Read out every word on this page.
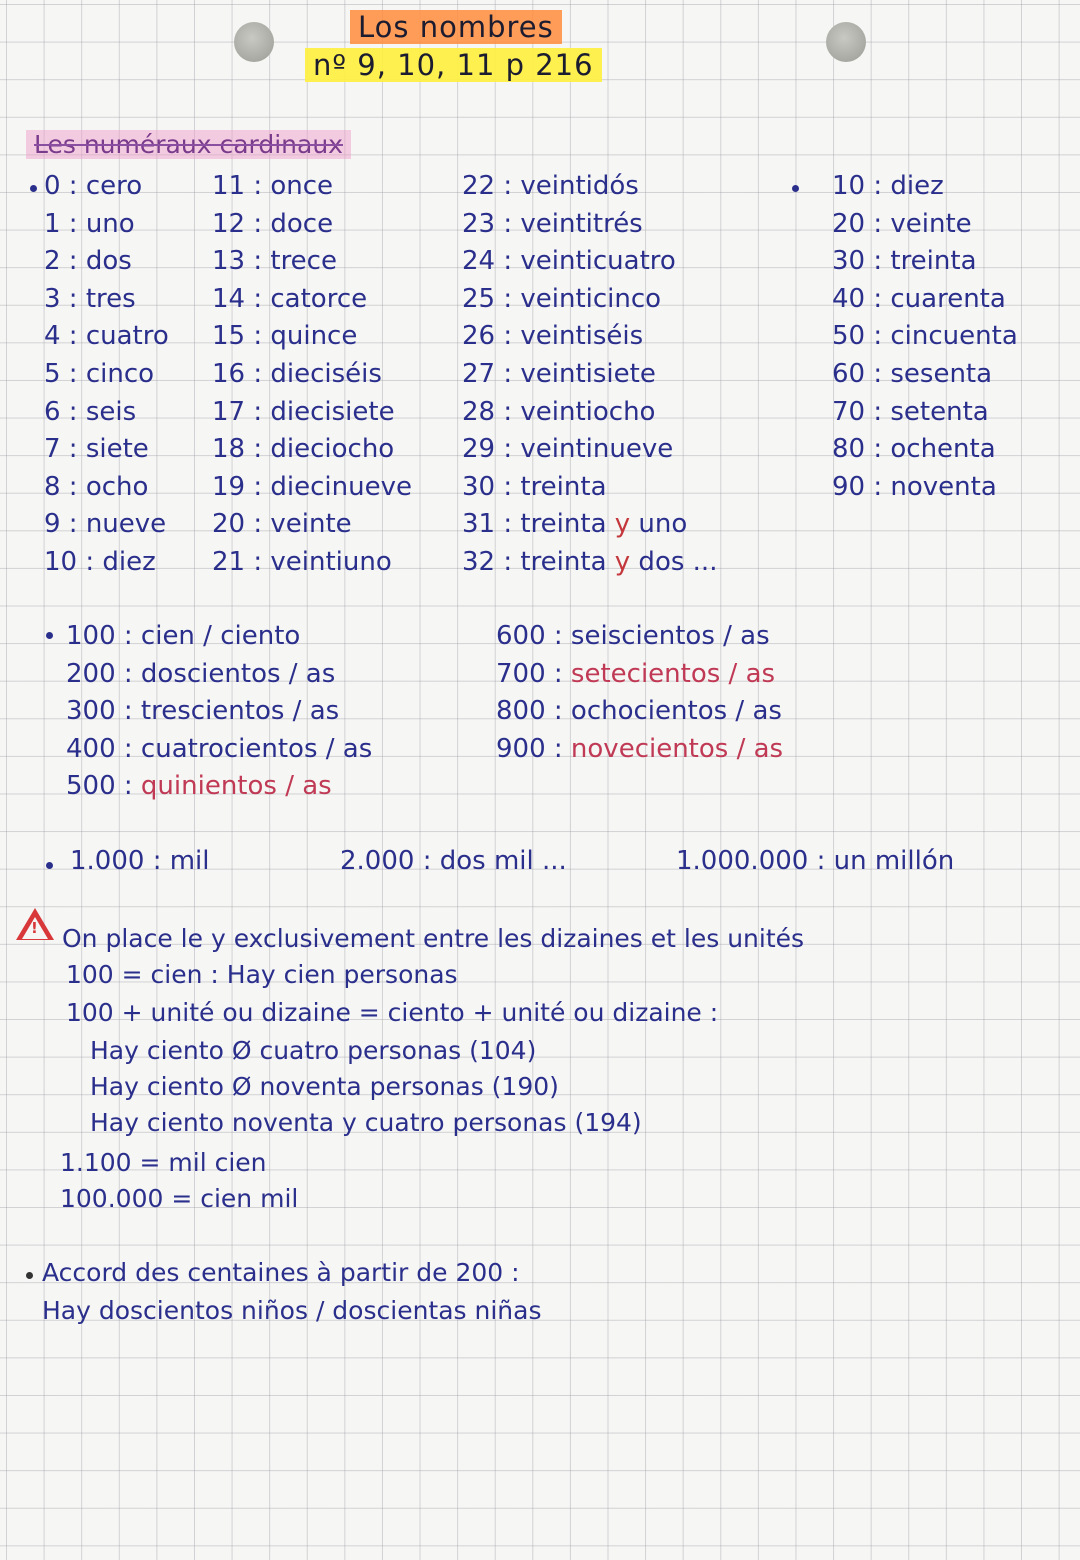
Los nombres
nº 9, 10, 11 p 216
Les numéraux cardinaux
0 : cero
1 : uno
2 : dos
3 : tres
4 : cuatro
5 : cinco
6 : seis
7 : siete
8 : ocho
9 : nueve
10 : diez
11 : once
12 : doce
13 : trece
14 : catorce
15 : quince
16 : dieciséis
17 : diecisiete
18 : dieciocho
19 : diecinueve
20 : veinte
21 : veintiuno
22 : veintidós
23 : veintitrés
24 : veinticuatro
25 : veinticinco
26 : veintiséis
27 : veintisiete
28 : veintiocho
29 : veintinueve
30 : treinta
31 : treinta y uno
32 : treinta y dos ...
10 : diez
20 : veinte
30 : treinta
40 : cuarenta
50 : cincuenta
60 : sesenta
70 : setenta
80 : ochenta
90 : noventa
100 : cien / ciento
200 : doscientos / as
300 : trescientos / as
400 : cuatrocientos / as
500 : quinientos / as
600 : seiscientos / as
700 : setecientos / as
800 : ochocientos / as
900 : novecientos / as
1.000 : mil	2.000 : dos mil ...	1.000.000 : un millón
! On place le y exclusivement entre les dizaines et les unités
100 = cien : Hay cien personas
100 + unité ou dizaine = ciento + unité ou dizaine :
Hay ciento Ø cuatro personas (104)
Hay ciento Ø noventa personas (190)
Hay ciento noventa y cuatro personas (194)
1.100 = mil cien
100.000 = cien mil
Accord des centaines à partir de 200 :
Hay doscientos niños / doscientas niñas
